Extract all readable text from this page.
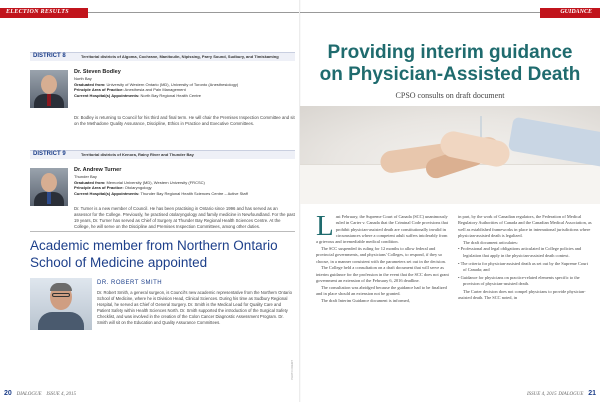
ELECTION RESULTS
DISTRICT 8	Territorial districts of Algoma, Cochrane, Manitoulin, Nipissing, Parry Sound, Sudbury, and Timiskaming
Dr. Steven Bodley
North Bay
Graduated from: University of Western Ontario (MD), University of Toronto (Anesthesiology)
Principle Area of Practice: Anesthesia and Pain Management
Current Hospital(s) Appointments: North Bay Regional Health Centre
Dr. Bodley is returning to Council for his third and final term. He will chair the Premises Inspection Committee and sit on the Methadone Quality Assurance, Discipline, Ethics in Practice and Executive Committees.
DISTRICT 9	Territorial districts of Kenora, Rainy River and Thunder Bay
Dr. Andrew Turner
Thunder Bay
Graduated from: Memorial University (MD), Western University (FRCSC)
Principle Area of Practice: Otolaryngology
Current Hospital(s) Appointments: Thunder Bay Regional Health Sciences Centre – Active Staff
Dr. Turner is a new member of Council. He has been practising in Ontario since 1996 and has served as an assessor for the College. Previously, he practised otolaryngology and family medicine in Newfoundland. For the past 19 years, Dr. Turner has served as Chief of Surgery at Thunder Bay Regional Health Sciences Centre. At the College, he will serve on the Discipline and Premises Inspection Committees, among other duties.
Academic member from Northern Ontario School of Medicine appointed
DR. ROBERT SMITH
Dr. Robert Smith, a general surgeon, is Council's new academic representative from the Northern Ontario School of Medicine, where he is Division Head, Clinical Sciences. During his time as Sudbury Regional Hospital, he served as Chief of General Surgery. Dr. Smith is the Medical Lead for Quality Care and Patient Safety within Health Sciences North. Dr. Smith supported the introduction of the Surgical Safety Checklist, and was involved in the creation of the Colon Cancer Diagnostic Assessment Program. Dr. Smith will sit on the Education and Quality Assurance Committees.
PHOTO CREDIT
20 DIALOGUE ISSUE 4, 2015
GUIDANCE
Providing interim guidance
on Physician-Assisted Death
CPSO consults on draft document

Last February, the Supreme Court of Canada (SCC) unanimously ruled in Carter v. Canada that the Criminal Code provisions that prohibit physician-assisted death are constitutionally invalid in circumstances where a competent adult suffers intolerably from a grievous and irremediable medical condition.

The SCC suspended its ruling for 12 months to allow federal and provincial governments, and physicians' Colleges, to respond, if they so choose, in a manner consistent with the parameters set out in the decision.

The College held a consultation on a draft document that will serve as interim guidance for the profession in the event that the SCC does not grant government an extension of the February 6, 2016 deadline.

The consultation was abridged because the guidance had to be finalized and in place should an extension not be granted.

The draft Interim Guidance document is informed,

in part, by the work of Canadian regulators, the Federation of Medical Regulatory Authorities of Canada and the Canadian Medical Association, as well as established frameworks in place in international jurisdictions where physician-assisted death is legalized.

The draft document articulates:

• Professional and legal obligations articulated in College policies and legislation that apply in the physician-assisted death context.
• The criteria for physician-assisted death as set out by the Supreme Court of Canada; and
• Guidance for physicians on practice-related elements specific to the provision of physician-assisted death.

The Carter decision does not compel physicians to provide physician-assisted death. The SCC noted, in

ISSUE 4, 2015 DIALOGUE 21
